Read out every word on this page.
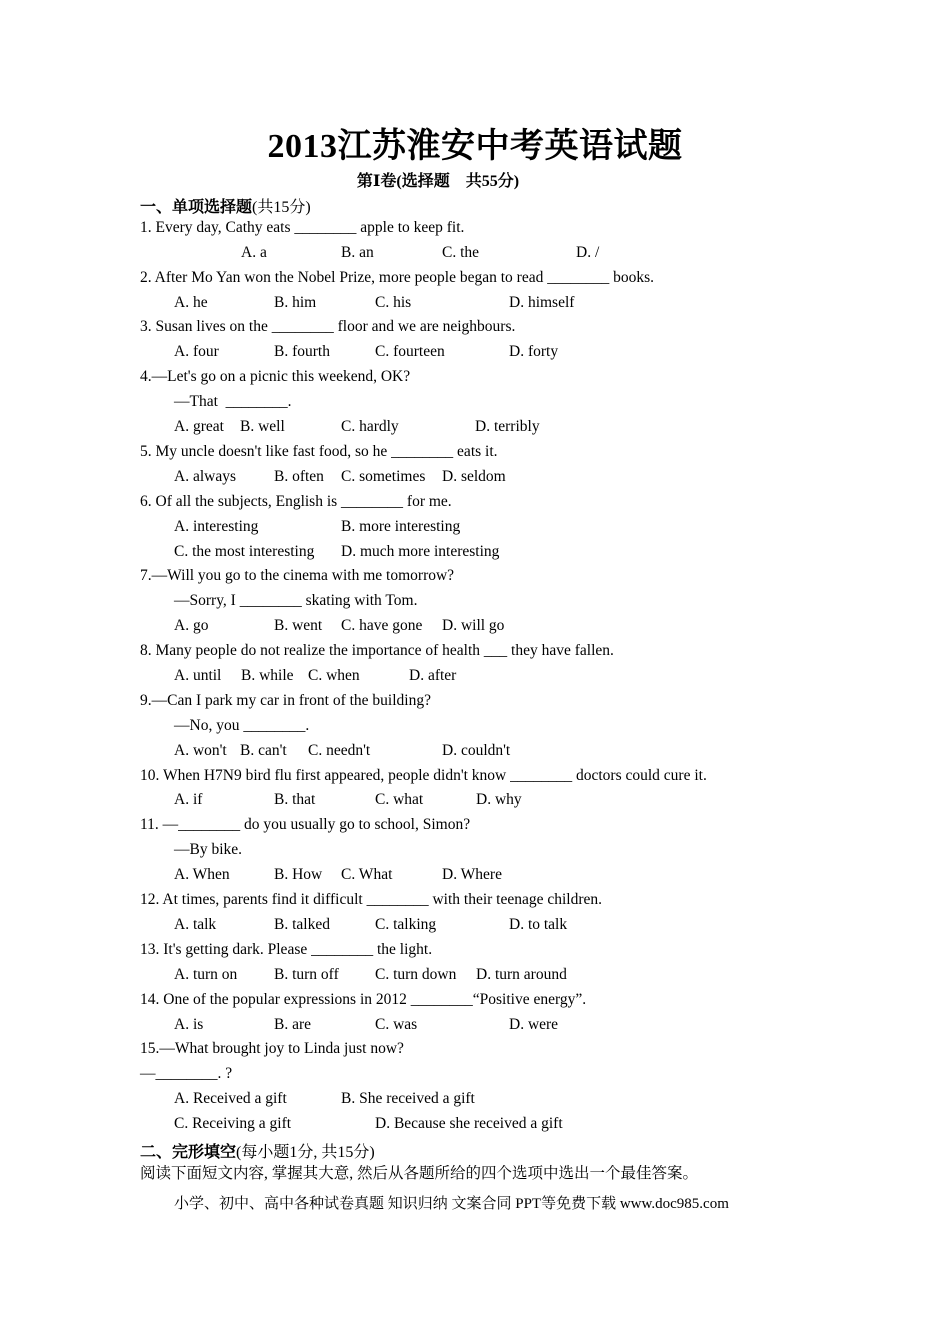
2013江苏淮安中考英语试题
第Ⅰ卷(选择题　共55分)
一、单项选择题(共15分)
1. Every day, Cathy eats ________ apple to keep fit.
A. a	B. an	C. the	D. /
2. After Mo Yan won the Nobel Prize, more people began to read ________ books.
A. he	B. him	C. his	D. himself
3. Susan lives on the ________ floor and we are neighbours.
A. four	B. fourth	C. fourteen	D. forty
4.—Let's go on a picnic this weekend, OK?
—That  ________.
A. great B. well	C. hardly	D. terribly
5. My uncle doesn't like fast food, so he ________ eats it.
A. always B. often C. sometimes D. seldom
6. Of all the subjects, English is ________ for me.
A. interesting	B. more interesting
C. the most interesting D. much more interesting
7.—Will you go to the cinema with me tomorrow?
—Sorry, I ________ skating with Tom.
A. go	B. went C. have gone D. will go
8. Many people do not realize the importance of health ___ they have fallen.
A. until B. while C. when	D. after
9.—Can I park my car in front of the building?
—No, you ________.
A. won't B. can't C. needn't	D. couldn't
10. When H7N9 bird flu first appeared, people didn't know ________ doctors could cure it.
A. if	B. that	C. what	D. why
11. —________ do you usually go to school, Simon?
—By bike.
A. When	B. How C. What	D. Where
12. At times, parents find it difficult ________ with their teenage children.
A. talk	B. talked	C. talking	D. to talk
13. It's getting dark. Please ________ the light.
A. turn on B. turn off C. turn down D. turn around
14. One of the popular expressions in 2012 ________“Positive energy”.
A. is	B. are	C. was	D. were
15.—What brought joy to Linda just now?
—________. ?
A. Received a gift	B. She received a gift
C. Receiving a gift	D. Because she received a gift
二、完形填空(每小题1分, 共15分)
阅读下面短文内容, 掌握其大意, 然后从各题所给的四个选项中选出一个最佳答案。
小学、初中、高中各种试卷真题 知识归纳 文案合同 PPT等免费下载 www.doc985.com
